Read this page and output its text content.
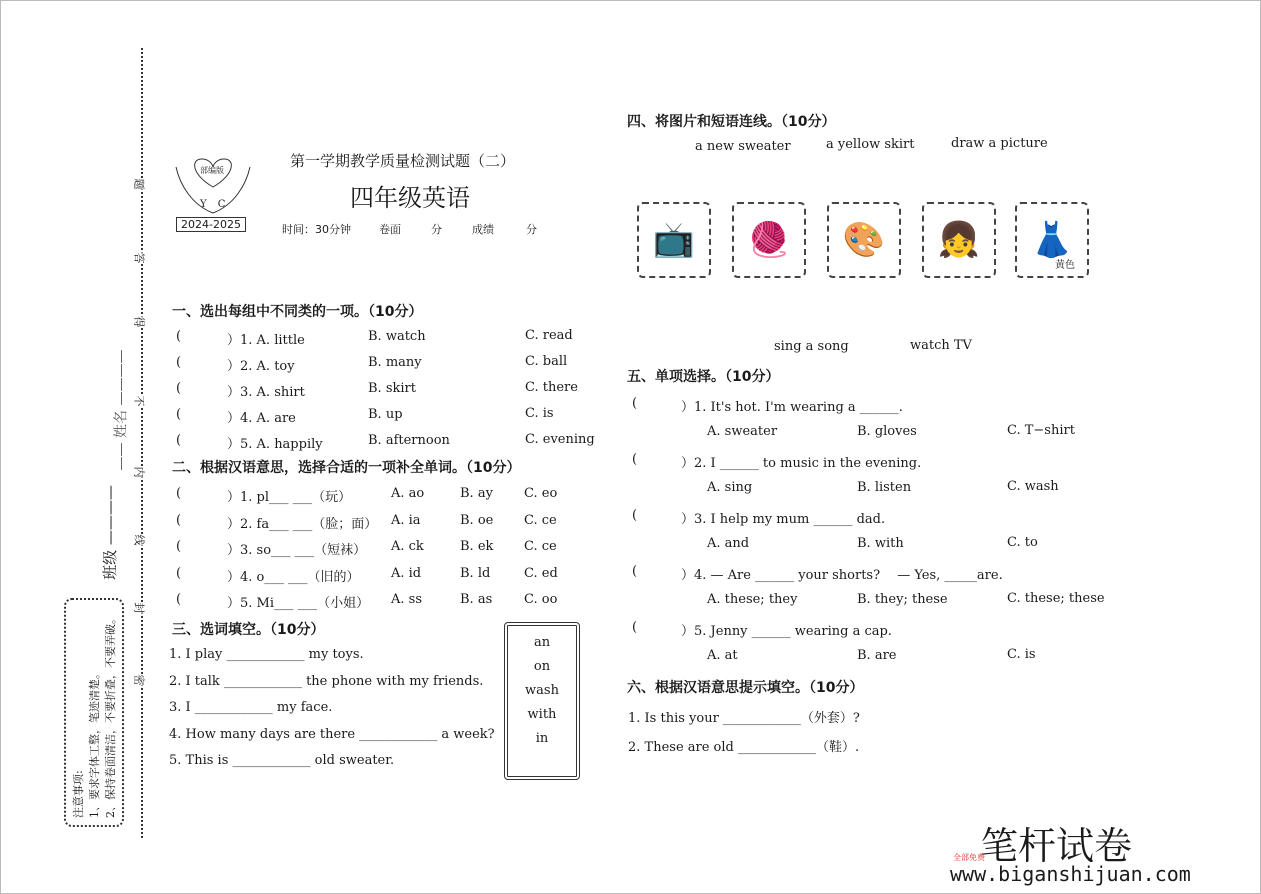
题
答
得
不
内
线
封
密
班级 ————
—— 姓名 ————
注意事项: 1、要求字体工整，笔迹清楚。 2、保持卷面清洁，不要折叠，不要弄破。
部编版
Y C
2024-2025
第一学期教学质量检测试题（二）
四年级英语
时间：30分钟	卷面	分	成绩	分
一、选出每组中不同类的一项。（10分）
(	）1. A. little	B. watch	C. read
(	）2. A. toy	B. many	C. ball
(	）3. A. shirt	B. skirt	C. there
(	）4. A. are	B. up	C. is
(	）5. A. happily	B. afternoon	C. evening
二、根据汉语意思，选择合适的一项补全单词。（10分）
(	）1. pl___ ___（玩）	A. ao	B. ay C. eo
(	）2. fa___ ___（脸；面） A. ia	B. oe C. ce
(	）3. so___ ___（短袜） A. ck	B. ek C. ce
(	）4. o___ ___（旧的） A. id	B. ld	C. ed
(	）5. Mi___ ___（小姐） A. ss	B. as C. oo
三、选词填空。（10分）
1. I play ____________ my toys.
2. I talk ____________ the phone with my friends.
3. I ____________ my face.
4. How many days are there ____________ a week?
5. This is ____________ old sweater.
an
on
wash
with
in
四、将图片和短语连线。（10分）
a new sweater	a yellow skirt	draw a picture
📺	🧶	🎨	👧	👗
黄色
sing a song	watch TV
五、单项选择。（10分）
(	）1. It's hot. I'm wearing a ______.
A. sweater	B. gloves	C. T−shirt
(	）2. I ______ to music in the evening.
A. sing	B. listen	C. wash
(	）3. I help my mum ______ dad.
A. and	B. with	C. to
(	）4. — Are ______ your shorts?　 — Yes, _____are.
A. these; they	B. they; these	C. these; these
(	）5. Jenny ______ wearing a cap.
A. at	B. are	C. is
六、根据汉语意思提示填空。（10分）
1. Is this your ____________（外套）?
2. These are old ____________（鞋）.
笔杆试卷
全部免费
www.biganshijuan.com
